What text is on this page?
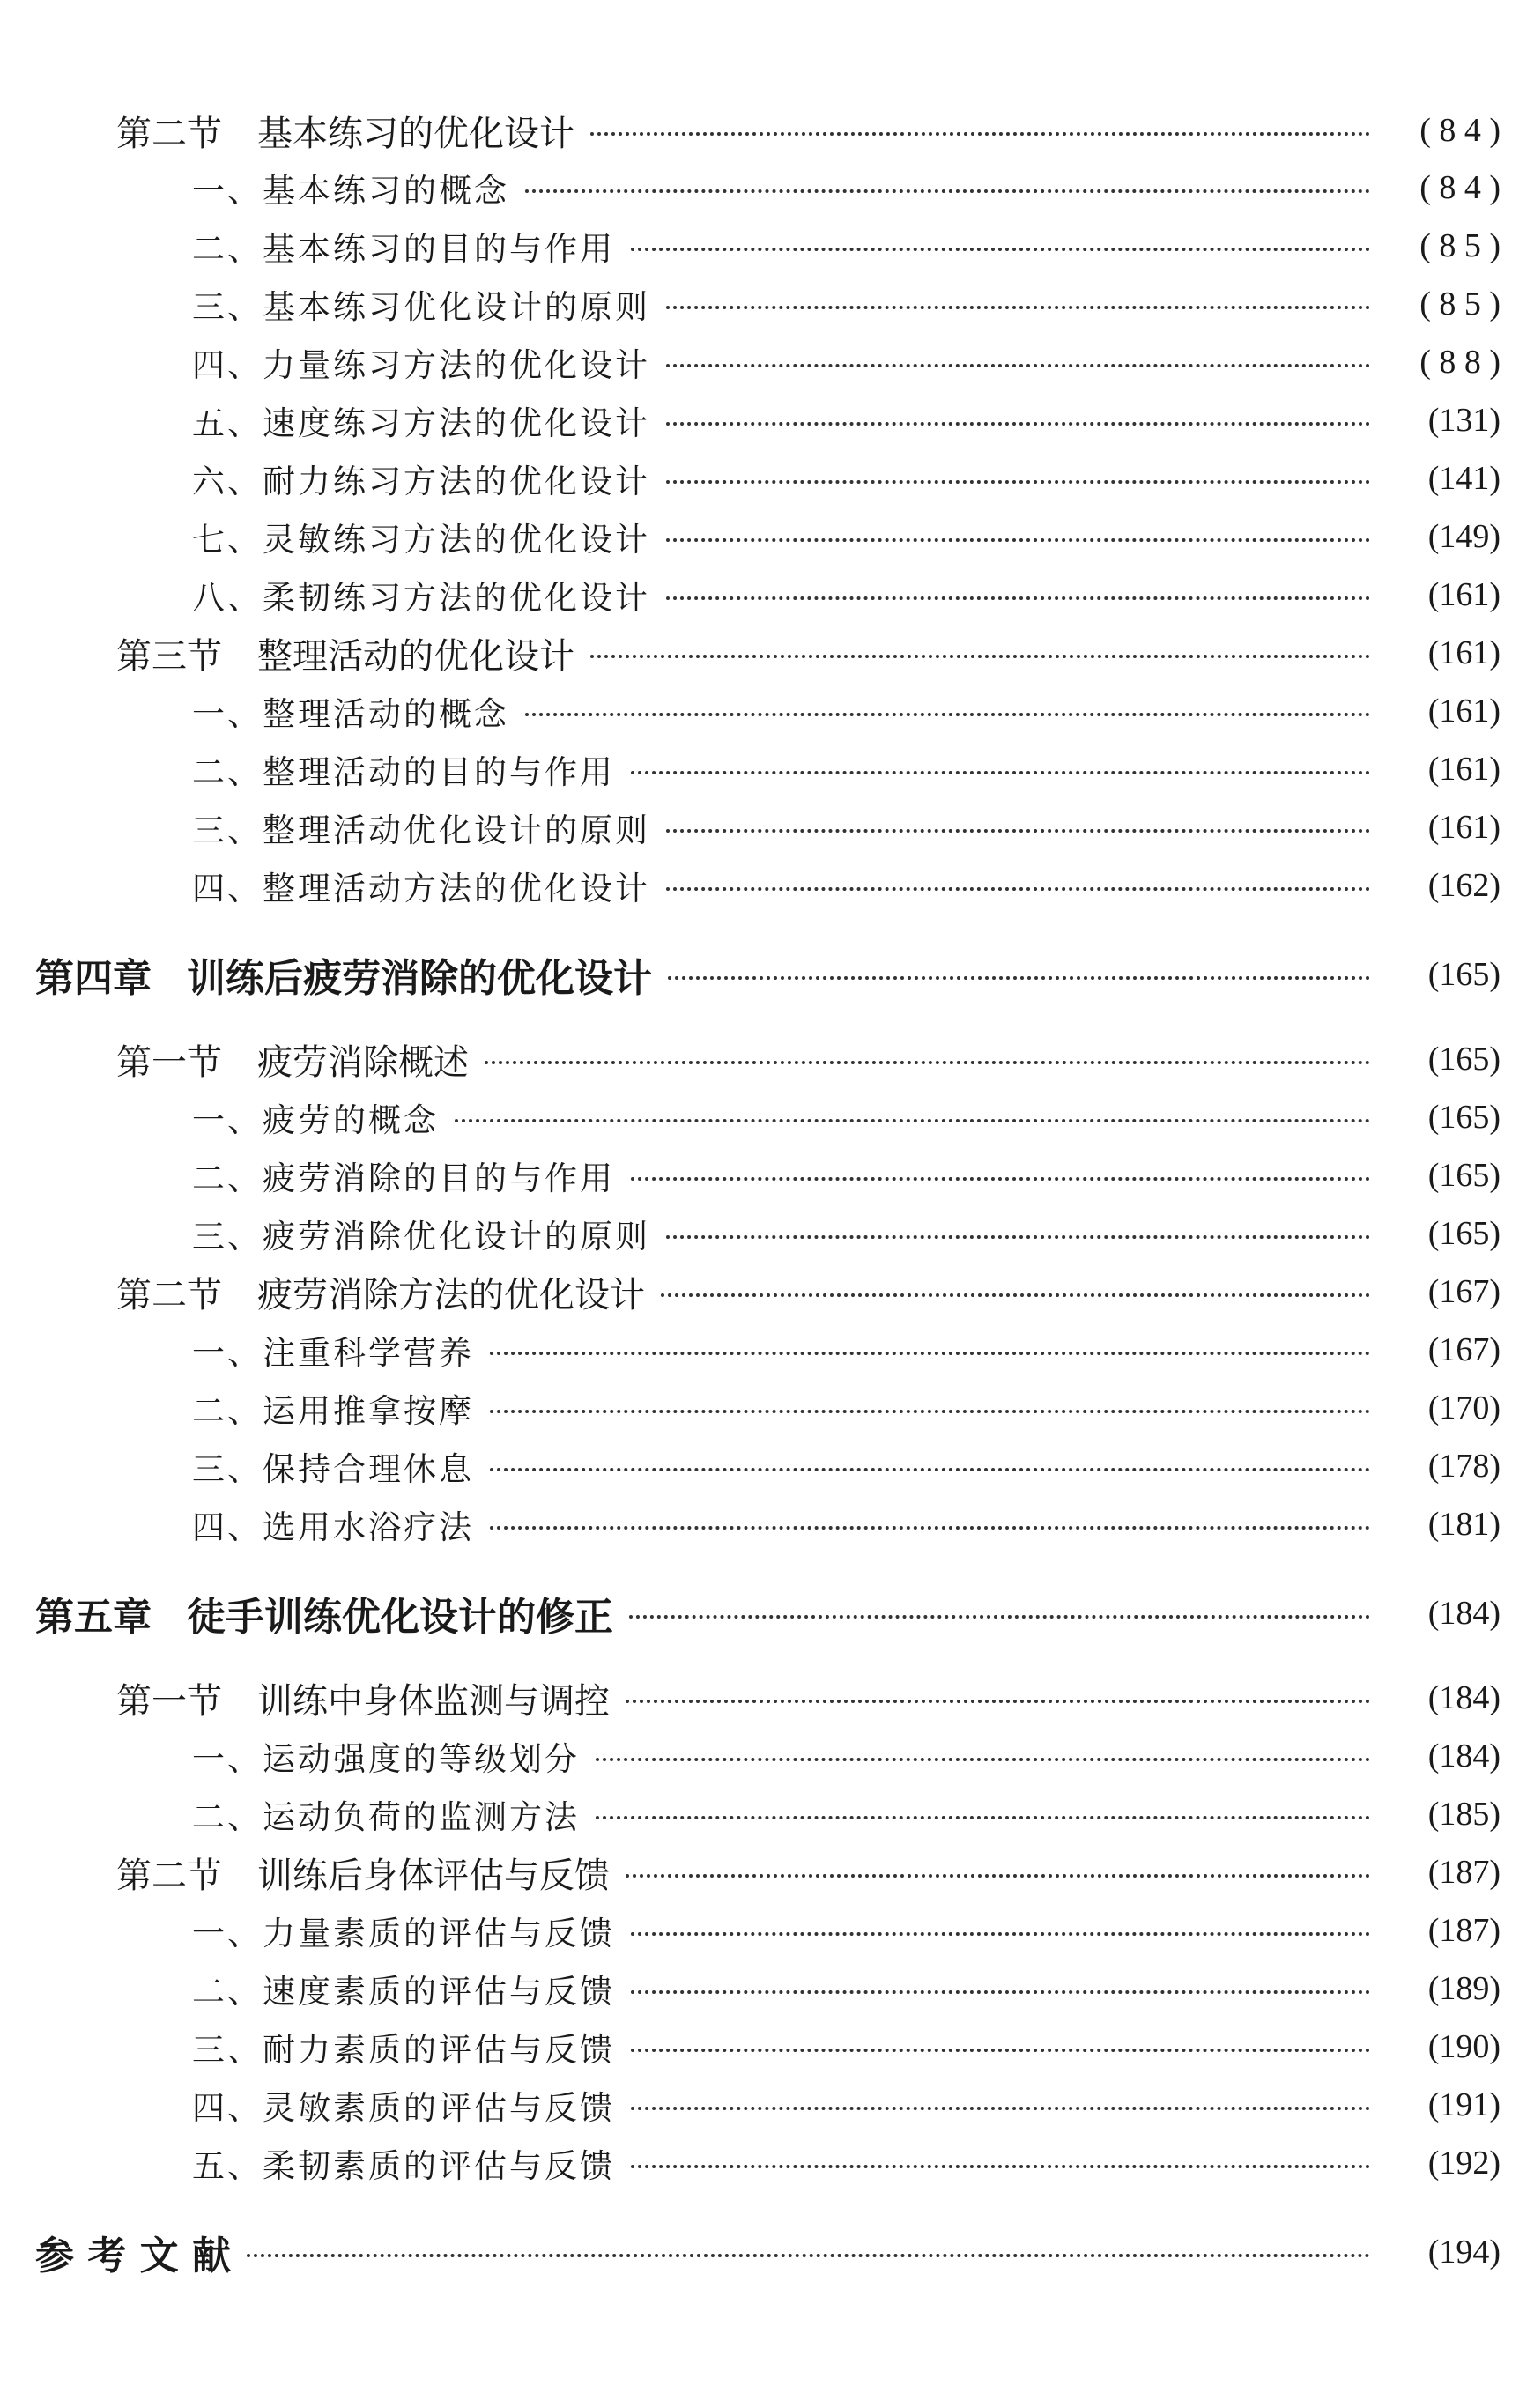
第二节 基本练习的优化设计	( 8 4 )
一、基本练习的概念	( 8 4 )
二、基本练习的目的与作用	( 8 5 )
三、基本练习优化设计的原则	( 8 5 )
四、力量练习方法的优化设计	( 8 8 )
五、速度练习方法的优化设计	(131)
六、耐力练习方法的优化设计	(141)
七、灵敏练习方法的优化设计	(149)
八、柔韧练习方法的优化设计	(161)
第三节 整理活动的优化设计	(161)
一、整理活动的概念	(161)
二、整理活动的目的与作用	(161)
三、整理活动优化设计的原则	(161)
四、整理活动方法的优化设计	(162)
第四章 训练后疲劳消除的优化设计	(165)
第一节 疲劳消除概述	(165)
一、疲劳的概念	(165)
二、疲劳消除的目的与作用	(165)
三、疲劳消除优化设计的原则	(165)
第二节 疲劳消除方法的优化设计	(167)
一、注重科学营养	(167)
二、运用推拿按摩	(170)
三、保持合理休息	(178)
四、选用水浴疗法	(181)
第五章 徒手训练优化设计的修正	(184)
第一节 训练中身体监测与调控	(184)
一、运动强度的等级划分	(184)
二、运动负荷的监测方法	(185)
第二节 训练后身体评估与反馈	(187)
一、力量素质的评估与反馈	(187)
二、速度素质的评估与反馈	(189)
三、耐力素质的评估与反馈	(190)
四、灵敏素质的评估与反馈	(191)
五、柔韧素质的评估与反馈	(192)
参 考 文 献	(194)
